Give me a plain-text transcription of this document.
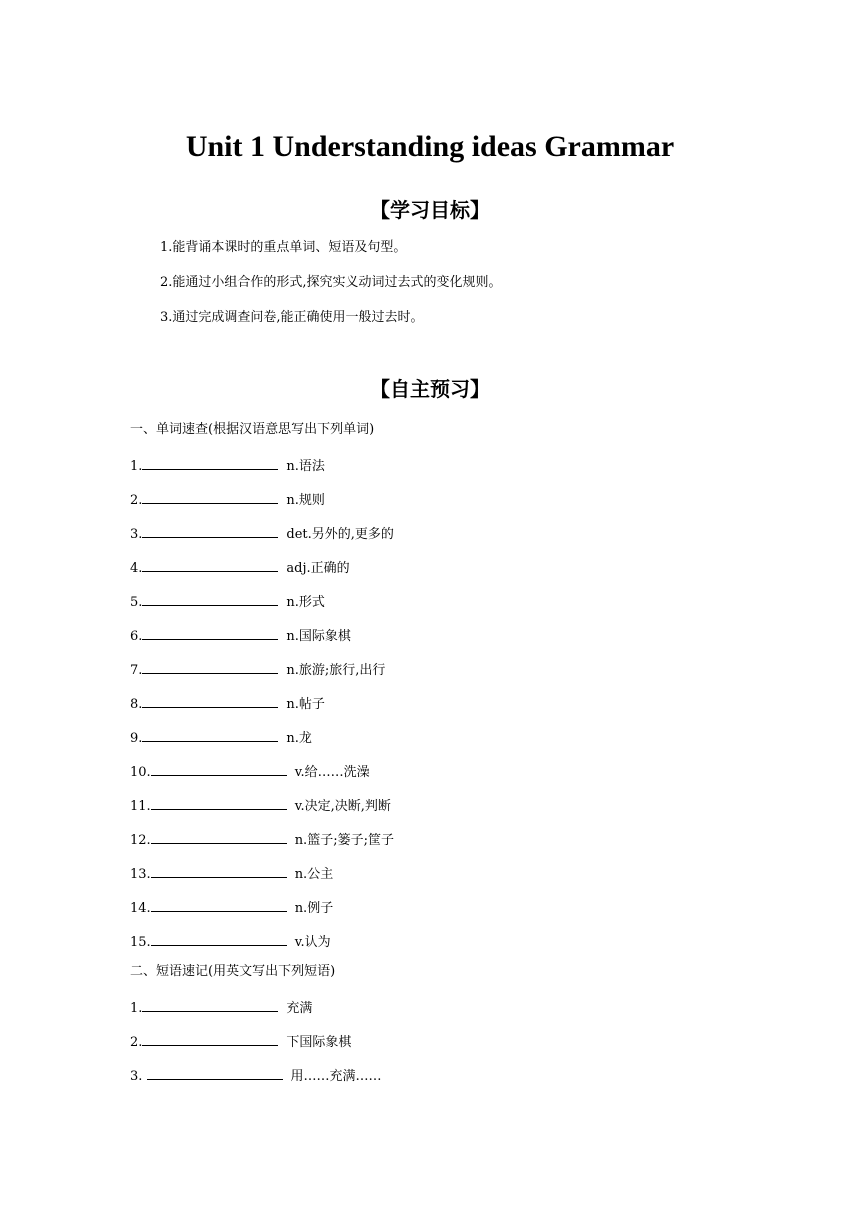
Unit 1 Understanding ideas Grammar
【学习目标】
1.能背诵本课时的重点单词、短语及句型。
2.能通过小组合作的形式,探究实义动词过去式的变化规则。
3.通过完成调查问卷,能正确使用一般过去时。
【自主预习】
一、单词速查(根据汉语意思写出下列单词)
1.	n.语法
2.	n.规则
3.	det.另外的,更多的
4.	adj.正确的
5.	n.形式
6.	n.国际象棋
7.	n.旅游;旅行,出行
8.	n.帖子
9.	n.龙
10.	v.给……洗澡
11.	v.决定,决断,判断
12.	n.篮子;篓子;筐子
13.	n.公主
14.	n.例子
15.	v.认为
二、短语速记(用英文写出下列短语)
1.	充满
2.	下国际象棋
3.	用……充满……
